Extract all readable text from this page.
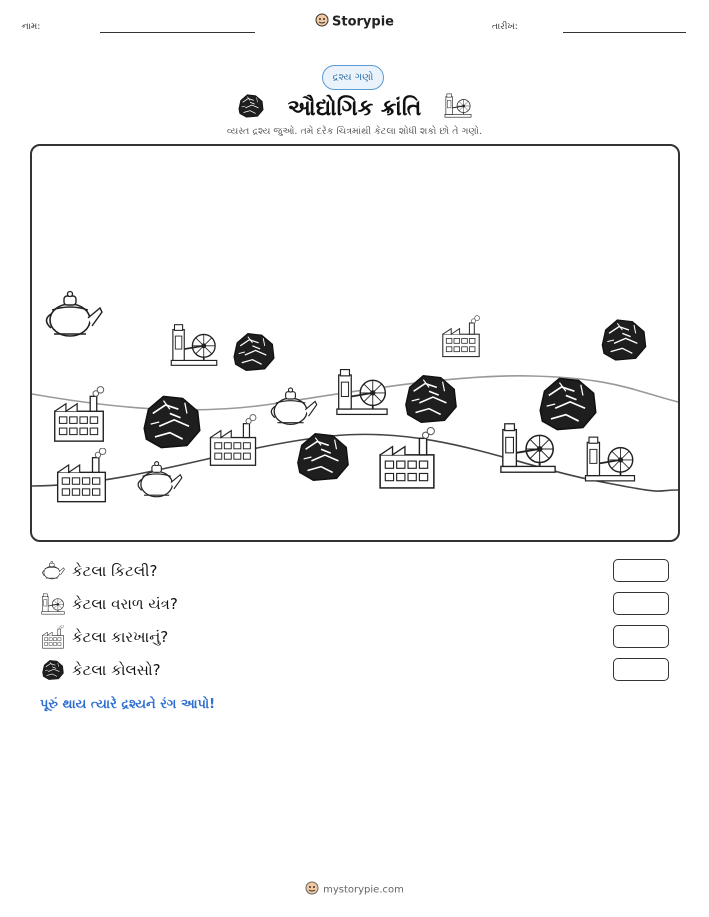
નામ:	Storypie	તારીખ:
દ્રશ્ય ગણો
ઔદ્યોગિક ક્રાંતિ
વ્યસ્ત દ્રશ્ય જુઓ. તમે દરેક ચિત્રમાંથી કેટલા શોધી શકો છો તે ગણો.
કેટલા કિટલી?
કેટલા વરાળ યંત્ર?
કેટલા કારખાનું?
કેટલા કોલસો?
પૂરું થાય ત્યારે દ્રશ્યને રંગ આપો!
mystorypie.com
